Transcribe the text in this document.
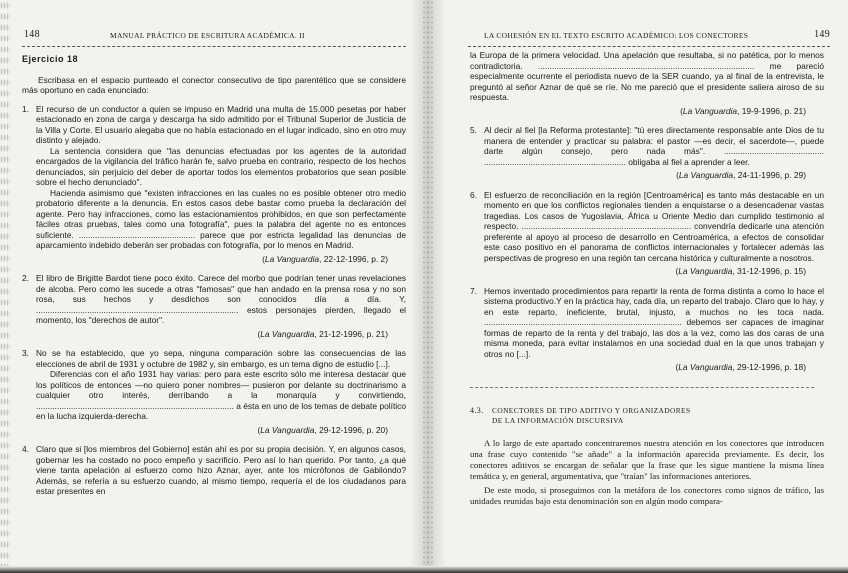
148	MANUAL PRÁCTICO DE ESCRITURA ACADÉMICA. II
Ejercicio 18

Escribasa en el espacio punteado el conector consecutivo de tipo parentético que se considere más oportuno en cada enunciado:

1. El recurso de un conductor a quien se impuso en Madrid una multa de 15.000 pesetas por haber estacionado en zona de carga y descarga ha sido admitido por el Tribunal Superior de Justicia de la Villa y Corte. El usuario alegaba que no había estacionado en el lugar indicado, sino en otro muy distinto y alejado.

La sentencia considera que "las denuncias efectuadas por los agentes de la autoridad encargados de la vigilancia del tráfico harán fe, salvo prueba en contrario, respecto de los hechos denunciados, sin perjuicio del deber de aportar todos los elementos probatorios que sean posible sobre el hecho denunciado".

Hacienda asimismo que "existen infracciones en las cuales no es posible obtener otro medio probatorio diferente a la denuncia. En estos casos debe bastar como prueba la declaración del agente. Pero hay infracciones, como las estacionamientos prohibidos, en que son perfectamente fáciles otras pruebas, tales como una fotografía", pues la palabra del agente no es entonces suficiente. .................................................. parece que por estricta legalidad las denuncias de aparcamiento indebido deberán ser probadas con fotografía, por lo menos en Madrid.

(La Vanguardia, 22-12-1996, p. 2)
2. El libro de Brigitte Bardot tiene poco éxito. Carece del morbo que podrían tener unas revelaciones de alcoba. Pero como les sucede a otras "famosas" que han andado en la prensa rosa y no son rosa, sus hechos y desdichos son conocidos día a día. Y, ....................................................................................... estos personajes pierden, llegado el momento, los "derechos de autor".

(La Vanguardia, 21-12-1996, p. 21)
3. No se ha establecido, que yo sepa, ninguna comparación sobre las consecuencias de las elecciones de abril de 1931 y octubre de 1982 y, sin embargo, es un tema digno de estudio [...].

Diferencias con el año 1931 hay varias: pero para este escrito sólo me interesa destacar que los políticos de entonces —no quiero poner nombres— pusieron por delante su doctrinarismo a cualquier otro interés, derribando a la monarquía y convirtiendo, ..................................................................................... a ésta en uno de los temas de debate político en la lucha izquierda-derecha.

(La Vanguardia, 29-12-1996, p. 20)
4. Claro que si [los miembros del Gobierno] están ahí es por su propia decisión. Y, en algunos casos, gobernar les ha costado no poco empeño y sacrificio. Pero así lo han querido. Por tanto, ¿a qué viene tanta apelación al esfuerzo como hizo Aznar, ayer, ante los micrófonos de Gabilondo? Además, se refería a su esfuerzo cuando, al mismo tiempo, requería el de los ciudadanos para estar presentes en

LA COHESIÓN EN EL TEXTO ESCRITO ACADÉMICO: LOS CONECTORES	149

la Europa de la primera velocidad. Una apelación que resultaba, si no patética, por lo menos contradictoria. ............................................................................................. me pareció especialmente ocurrente el periodista nuevo de la SER cuando, ya al final de la entrevista, le preguntó al señor Aznar de qué se ríe. No me pareció que el presidente saliera airoso de su respuesta.

(La Vanguardia, 19-9-1996, p. 21)
5. Al decir al fiel [la Reforma protestante]: "tú eres directamente responsable ante Dios de tu manera de entender y practicar su palabra: el pastor —es decir, el sacerdote—, puede darte algún consejo, pero nada más". ........................................... ............................................................. obligaba al fiel a aprender a leer.

(La Vanguardia, 24-11-1996, p. 29)
6. El esfuerzo de reconciliación en la región [Centroamérica] es tanto más destacable en un momento en que los conflictos regionales tienden a enquistarse o a desencadenar vastas tragedias. Los casos de Yugoslavia, África u Oriente Medio dan cumplido testimonio al respecto. ......................................................................... convendría dedicarle una atención preferente al apoyo al proceso de desarrollo en Centroamérica, a efectos de consolidar este caso positivo en el panorama de conflictos internacionales y fortalecer además las perspectivas de progreso en una región tan cercana histórica y culturalmente a nosotros.

(La Vanguardia, 31-12-1996, p. 15)
7. Hemos inventado procedimientos para repartir la renta de forma distinta a como lo hace el sistema productivo.Y en la práctica hay, cada día, un reparto del trabajo. Claro que lo hay, y en este reparto, ineficiente, brutal, injusto, a muchos no les toca nada. ..................................................................................... debemos ser capaces de imaginar formas de reparto de la renta y del trabajo, las dos a la vez, como las dos caras de una misma moneda, para evitar instalarnos en una sociedad dual en la que unos trabajan y otros no [...].

(La Vanguardia, 29-12-1996, p. 18)
4.3. CONECTORES DE TIPO ADITIVO Y ORGANIZADORES
DE LA INFORMACIÓN DISCURSIVA

A lo largo de este apartado concentraremos nuestra atención en los conectores que introducen una frase cuyo contenido "se añade" a la información aparecida previamente. Es decir, los conectores aditivos se encargan de señalar que la frase que les sigue mantiene la misma línea temática y, en general, argumentativa, que "traían" las informaciones anteriores.

De este modo, si proseguimos con la metáfora de los conectores como signos de tráfico, las unidades reunidas bajo esta denominación son en algún modo compara-
